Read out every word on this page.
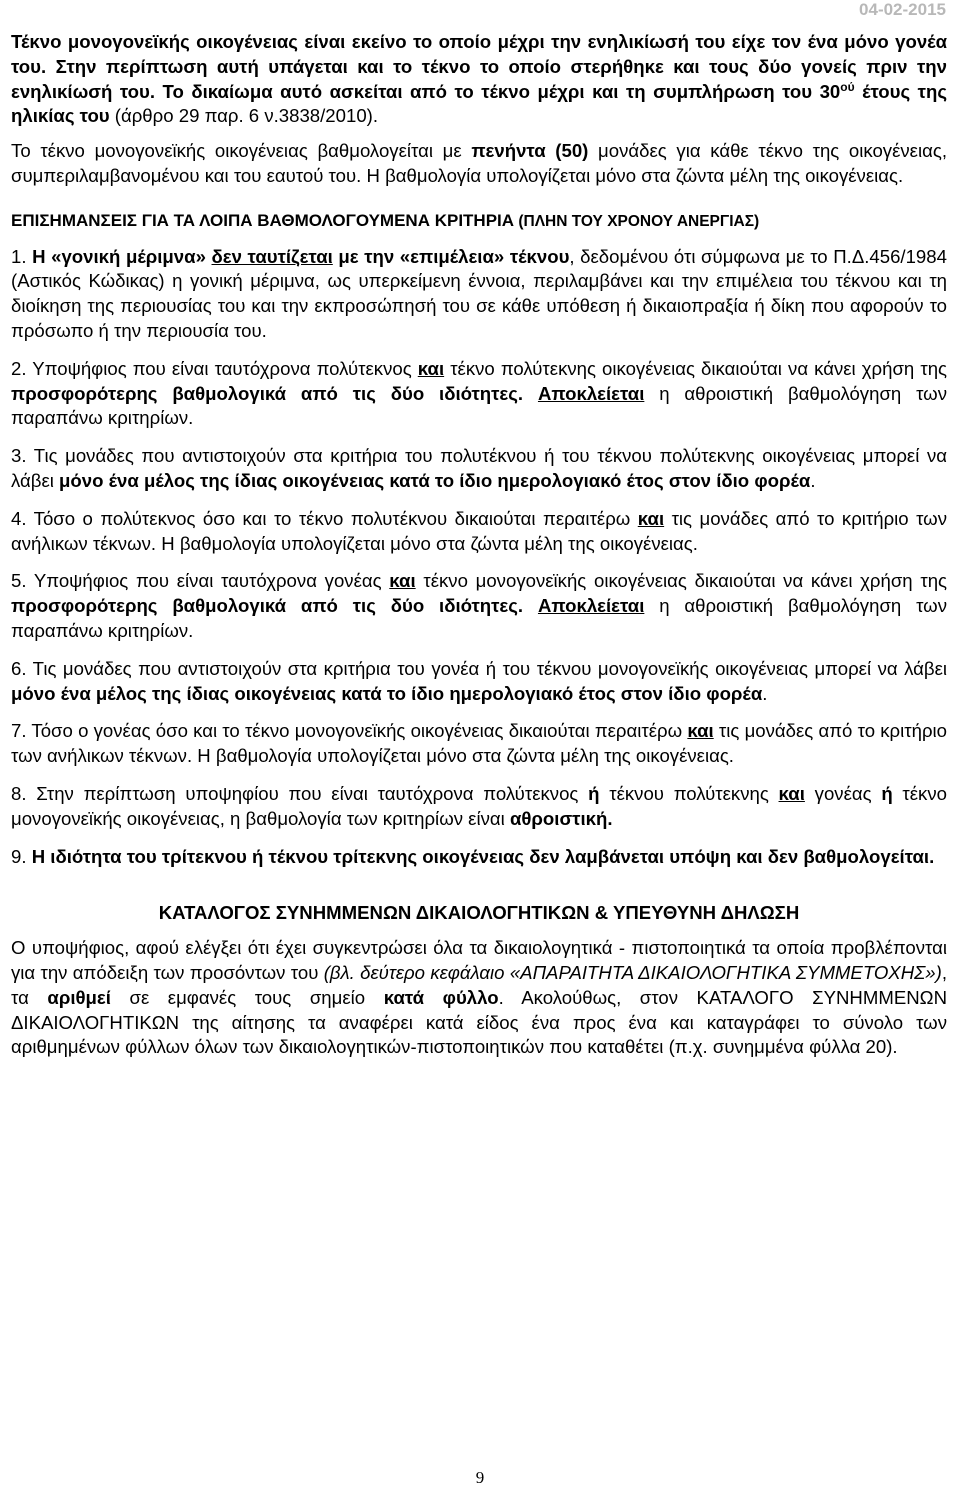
04-02-2015

Τέκνο μονογονεϊκής οικογένειας είναι εκείνο το οποίο μέχρι την ενηλικίωσή του είχε τον ένα μόνο γονέα του. Στην περίπτωση αυτή υπάγεται και το τέκνο το οποίο στερήθηκε και τους δύο γονείς πριν την ενηλικίωσή του. Το δικαίωμα αυτό ασκείται από το τέκνο μέχρι και τη συμπλήρωση του $30^{oύ}$ έτους της ηλικίας του (άρθρο 29 παρ. 6 ν.3838/2010).

Το τέκνο μονογονεϊκής οικογένειας βαθμολογείται με πενήντα (50) μονάδες για κάθε τέκνο της οικογένειας, συμπεριλαμβανομένου και του εαυτού του. Η βαθμολογία υπολογίζεται μόνο στα ζώντα μέλη της οικογένειας.

ΕΠΙΣΗΜΑΝΣΕΙΣ ΓΙΑ ΤΑ ΛΟΙΠΑ ΒΑΘΜΟΛΟΓΟΥΜΕΝΑ ΚΡΙΤΗΡΙΑ (ΠΛΗΝ ΤΟΥ ΧΡΟΝΟΥ ΑΝΕΡΓΙΑΣ)

1. Η «γονική μέριμνα» δεν ταυτίζεται με την «επιμέλεια» τέκνου, δεδομένου ότι σύμφωνα με το Π.Δ.456/1984 (Αστικός Κώδικας) η γονική μέριμνα, ως υπερκείμενη έννοια, περιλαμβάνει και την επιμέλεια του τέκνου και τη διοίκηση της περιουσίας του και την εκπροσώπησή του σε κάθε υπόθεση ή δικαιοπραξία ή δίκη που αφορούν το πρόσωπο ή την περιουσία του.

2. Υποψήφιος που είναι ταυτόχρονα πολύτεκνος και τέκνο πολύτεκνης οικογένειας δικαιούται να κάνει χρήση της προσφορότερης βαθμολογικά από τις δύο ιδιότητες. Αποκλείεται η αθροιστική βαθμολόγηση των παραπάνω κριτηρίων.

3. Τις μονάδες που αντιστοιχούν στα κριτήρια του πολυτέκνου ή του τέκνου πολύτεκνης οικογένειας μπορεί να λάβει μόνο ένα μέλος της ίδιας οικογένειας κατά το ίδιο ημερολογιακό έτος στον ίδιο φορέα.

4. Τόσο ο πολύτεκνος όσο και το τέκνο πολυτέκνου δικαιούται περαιτέρω και τις μονάδες από το κριτήριο των ανήλικων τέκνων. Η βαθμολογία υπολογίζεται μόνο στα ζώντα μέλη της οικογένειας.

5. Υποψήφιος που είναι ταυτόχρονα γονέας και τέκνο μονογονεϊκής οικογένειας δικαιούται να κάνει χρήση της προσφορότερης βαθμολογικά από τις δύο ιδιότητες. Αποκλείεται η αθροιστική βαθμολόγηση των παραπάνω κριτηρίων.

6. Τις μονάδες που αντιστοιχούν στα κριτήρια του γονέα ή του τέκνου μονογονεϊκής οικογένειας μπορεί να λάβει μόνο ένα μέλος της ίδιας οικογένειας κατά το ίδιο ημερολογιακό έτος στον ίδιο φορέα.

7. Τόσο ο γονέας όσο και το τέκνο μονογονεϊκής οικογένειας δικαιούται περαιτέρω και τις μονάδες από το κριτήριο των ανήλικων τέκνων. Η βαθμολογία υπολογίζεται μόνο στα ζώντα μέλη της οικογένειας.

8. Στην περίπτωση υποψηφίου που είναι ταυτόχρονα πολύτεκνος ή τέκνου πολύτεκνης και γονέας ή τέκνο μονογονεϊκής οικογένειας, η βαθμολογία των κριτηρίων είναι αθροιστική.

9. Η ιδιότητα του τρίτεκνου ή τέκνου τρίτεκνης οικογένειας δεν λαμβάνεται υπόψη και δεν βαθμολογείται.

ΚΑΤΑΛΟΓΟΣ ΣΥΝΗΜΜΕΝΩΝ ΔΙΚΑΙΟΛΟΓΗΤΙΚΩΝ & ΥΠΕΥΘΥΝΗ ΔΗΛΩΣΗ

Ο υποψήφιος, αφού ελέγξει ότι έχει συγκεντρώσει όλα τα δικαιολογητικά - πιστοποιητικά τα οποία προβλέπονται για την απόδειξη των προσόντων του (βλ. δεύτερο κεφάλαιο «ΑΠΑΡΑΙΤΗΤΑ ΔΙΚΑΙΟΛΟΓΗΤΙΚΑ ΣΥΜΜΕΤΟΧΗΣ»), τα αριθμεί σε εμφανές τους σημείο κατά φύλλο. Ακολούθως, στον ΚΑΤΑΛΟΓΟ ΣΥΝΗΜΜΕΝΩΝ ΔΙΚΑΙΟΛΟΓΗΤΙΚΩΝ της αίτησης τα αναφέρει κατά είδος ένα προς ένα και καταγράφει το σύνολο των αριθμημένων φύλλων όλων των δικαιολογητικών-πιστοποιητικών που καταθέτει (π.χ. συνημμένα φύλλα 20).

9
